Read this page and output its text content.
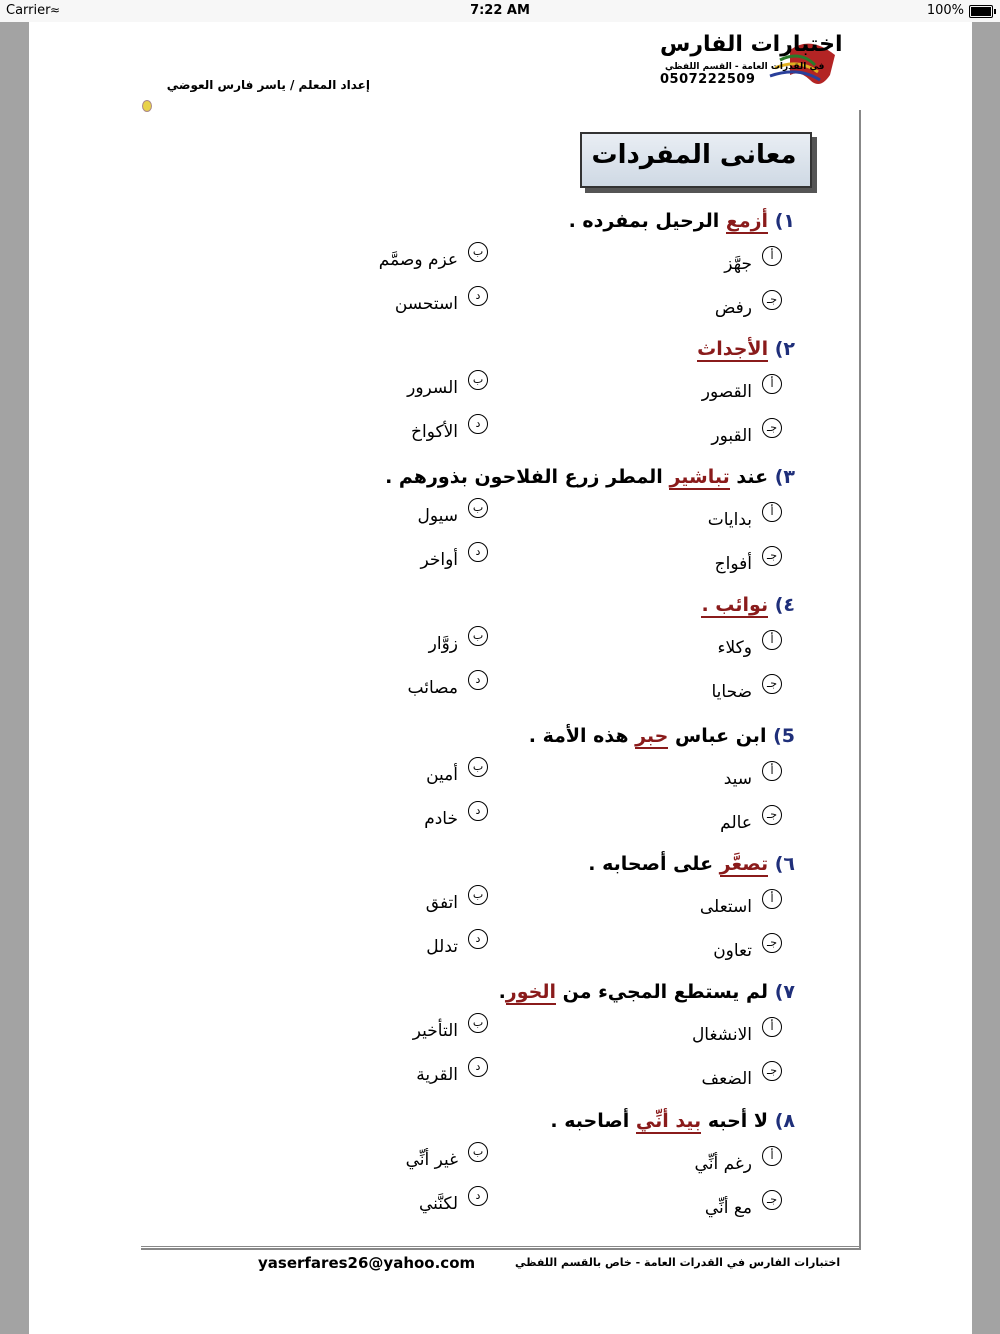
Carrier ≈	7:22 AM	100%
اختبارات الفارس
في القدرات العامة - القسم اللفظي
0507222509
إعداد المعلم / ياسر فارس العوضي
معانى المفردات
١) أزمع الرحيل بمفرده .
أجهَّز
بعزم وصمَّم
جـرفض
داستحسن
٢) الأجداث
أالقصور
بالسرور
جـالقبور
دالأكواخ
٣) عند تباشير المطر زرع الفلاحون بذورهم .
أبدايات
بسيول
جـأفواج
دأواخر
٤) نوائب .
أوكلاء
بزوَّار
جـضحايا
دمصائب
5) ابن عباس حبر هذه الأمة .
أسيد
بأمين
جـعالم
دخادم
٦) تصعَّر على أصحابه .
أاستعلى
باتفق
جـتعاون
دتدلل
٧) لم يستطع المجيء من الخور.
أالانشغال
بالتأخير
جـالضعف
دالقرية
٨) لا أحبه بيد أنِّي أصاحبه .
أرغم أنِّي
بغير أنِّي
جـمع أنِّي
دلكنَّني
اختبارات الفارس في القدرات العامة - خاص بالقسم اللفظي
yaserfares26@yahoo.com
